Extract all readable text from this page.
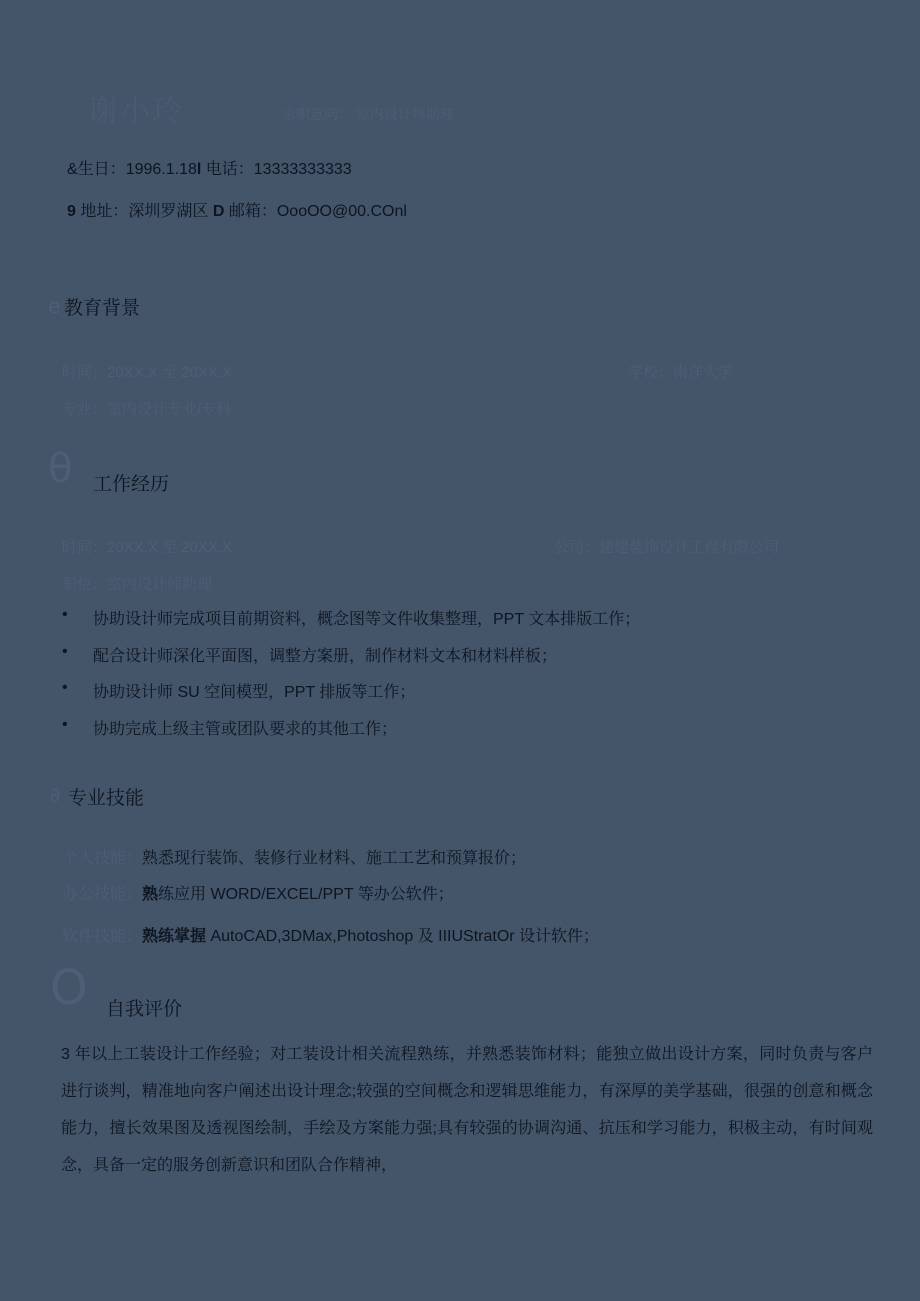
谢小玲	求职意向： 室内设计师助理
&生日：1996.1.18l 电话：13333333333
9 地址：深圳罗湖区 D 邮箱：OooOO@00.COnl
e 教育背景
时间：20XX.X 至 20XX.X	学校：南洋大学
专业：室内设计专业/专科
θ 工作经历
时间：20XX.X 至 20XX.X	公司：建建装饰设计工程有限公司
职位：室内设计师助理
• 协助设计师完成项目前期资料，概念图等文件收集整理，PPT 文本排版工作；
• 配合设计师深化平面图，调整方案册，制作材料文本和材料样板；
• 协助设计师 SU 空间模型，PPT 排版等工作；
• 协助完成上级主管或团队要求的其他工作；
∂ 专业技能
个人技能：熟悉现行装饰、装修行业材料、施工工艺和预算报价；
办公技能：熟练应用 WORD/EXCEL/PPT 等办公软件；
软件技能：熟练掌握 AutoCAD,3DMax,Photoshop 及 IIIUStratOr 设计软件；
O 自我评价
3 年以上工装设计工作经验；对工装设计相关流程熟练，并熟悉装饰材料；能独立做出设计方案，同时负责与客户进行谈判，精准地向客户阐述出设计理念;较强的空间概念和逻辑思维能力，有深厚的美学基础，很强的创意和概念能力，擅长效果图及透视图绘制，手绘及方案能力强;具有较强的协调沟通、抗压和学习能力，积极主动，有时间观念，具备一定的服务创新意识和团队合作精神，
